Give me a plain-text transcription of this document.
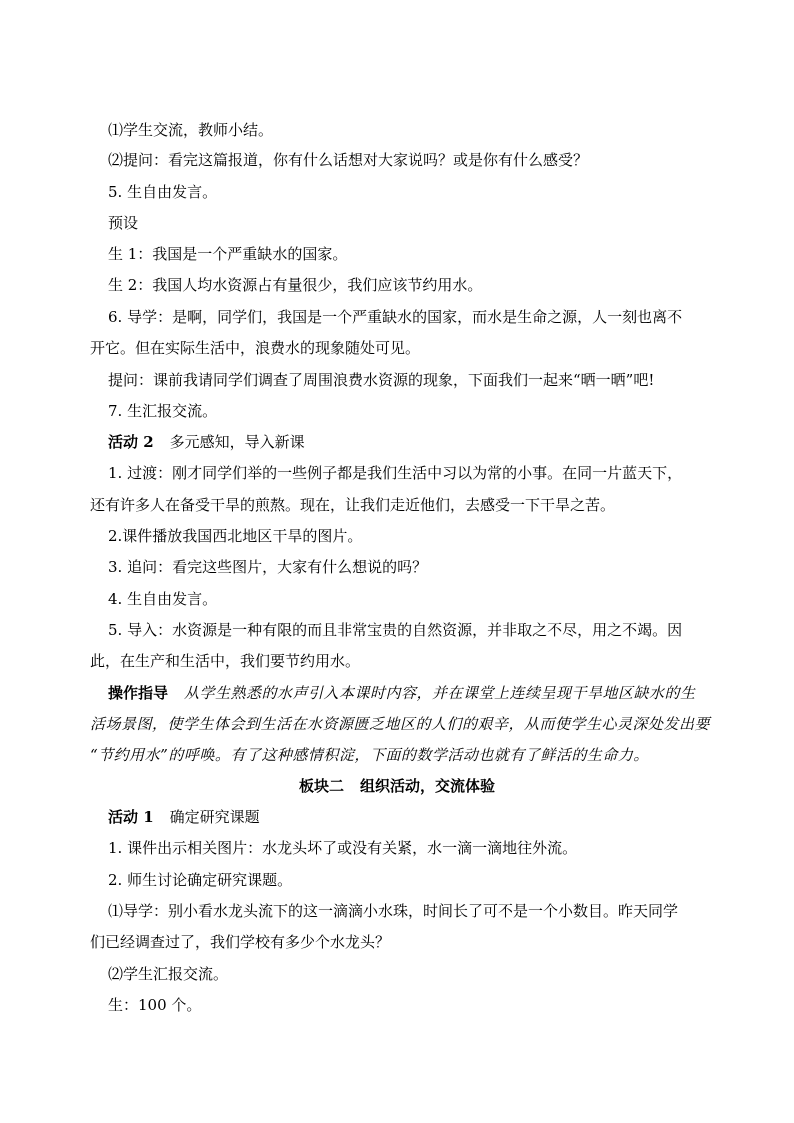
⑴学生交流，教师小结。
⑵提问：看完这篇报道，你有什么话想对大家说吗？或是你有什么感受？
5. 生自由发言。
预设
生 1：我国是一个严重缺水的国家。
生 2：我国人均水资源占有量很少，我们应该节约用水。
6. 导学：是啊，同学们，我国是一个严重缺水的国家，而水是生命之源，人一刻也离不
开它。但在实际生活中，浪费水的现象随处可见。
提问：课前我请同学们调查了周围浪费水资源的现象，下面我们一起来“晒一晒”吧!
7. 生汇报交流。
活动 2 多元感知，导入新课
1. 过渡：刚才同学们举的一些例子都是我们生活中习以为常的小事。在同一片蓝天下，
还有许多人在备受干旱的煎熬。现在，让我们走近他们，去感受一下干旱之苦。
2.课件播放我国西北地区干旱的图片。
3. 追问：看完这些图片，大家有什么想说的吗？
4. 生自由发言。
5. 导入：水资源是一种有限的而且非常宝贵的自然资源，并非取之不尽，用之不竭。因
此，在生产和生活中，我们要节约用水。
操作指导 从学生熟悉的水声引入本课时内容，并在课堂上连续呈现干旱地区缺水的生
活场景图，使学生体会到生活在水资源匮乏地区的人们的艰辛，从而使学生心灵深处发出要
“节约用水”的呼唤。有了这种感情积淀，下面的数学活动也就有了鲜活的生命力。
板块二 组织活动，交流体验
活动 1 确定研究课题
1. 课件出示相关图片：水龙头坏了或没有关紧，水一滴一滴地往外流。
2. 师生讨论确定研究课题。
⑴导学：别小看水龙头流下的这一滴滴小水珠，时间长了可不是一个小数目。昨天同学
们已经调查过了，我们学校有多少个水龙头？
⑵学生汇报交流。
生：100 个。
